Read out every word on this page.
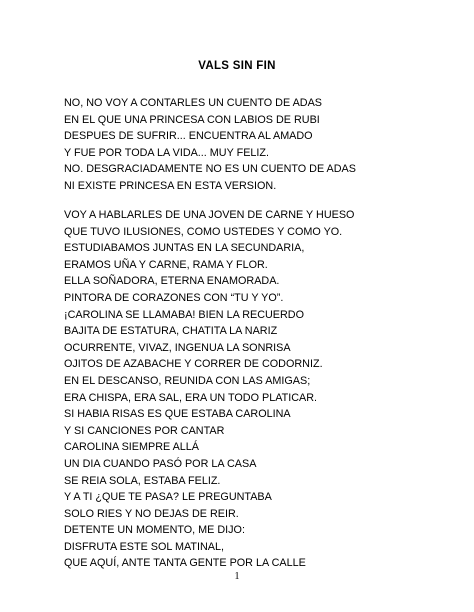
VALS SIN FIN
NO, NO VOY A CONTARLES UN CUENTO DE ADAS
EN EL QUE UNA PRINCESA CON LABIOS DE RUBI
DESPUES DE SUFRIR... ENCUENTRA AL AMADO
Y FUE POR TODA LA VIDA... MUY FELIZ.
NO. DESGRACIADAMENTE NO ES UN CUENTO DE ADAS
NI EXISTE PRINCESA EN ESTA VERSION.
VOY A HABLARLES DE UNA JOVEN DE CARNE Y HUESO
QUE TUVO ILUSIONES, COMO USTEDES Y COMO YO.
ESTUDIABAMOS JUNTAS EN LA SECUNDARIA,
ERAMOS UÑA Y CARNE, RAMA Y FLOR.
ELLA SOÑADORA, ETERNA ENAMORADA.
PINTORA DE CORAZONES CON “TU Y YO”.
¡CAROLINA SE LLAMABA! BIEN LA RECUERDO
BAJITA DE ESTATURA, CHATITA LA NARIZ
OCURRENTE, VIVAZ, INGENUA LA SONRISA
OJITOS DE AZABACHE Y CORRER DE CODORNIZ.
EN EL DESCANSO, REUNIDA CON LAS AMIGAS;
ERA CHISPA, ERA SAL, ERA UN TODO PLATICAR.
SI HABIA RISAS ES QUE ESTABA CAROLINA
Y SI CANCIONES POR CANTAR
CAROLINA SIEMPRE ALLÁ
UN DIA CUANDO PASÓ POR LA CASA
SE REIA SOLA, ESTABA FELIZ.
Y A TI ¿QUE TE PASA? LE PREGUNTABA
SOLO RIES Y NO DEJAS DE REIR.
DETENTE UN MOMENTO, ME DIJO:
DISFRUTA ESTE SOL MATINAL,
QUE AQUÍ, ANTE TANTA GENTE POR LA CALLE

1
